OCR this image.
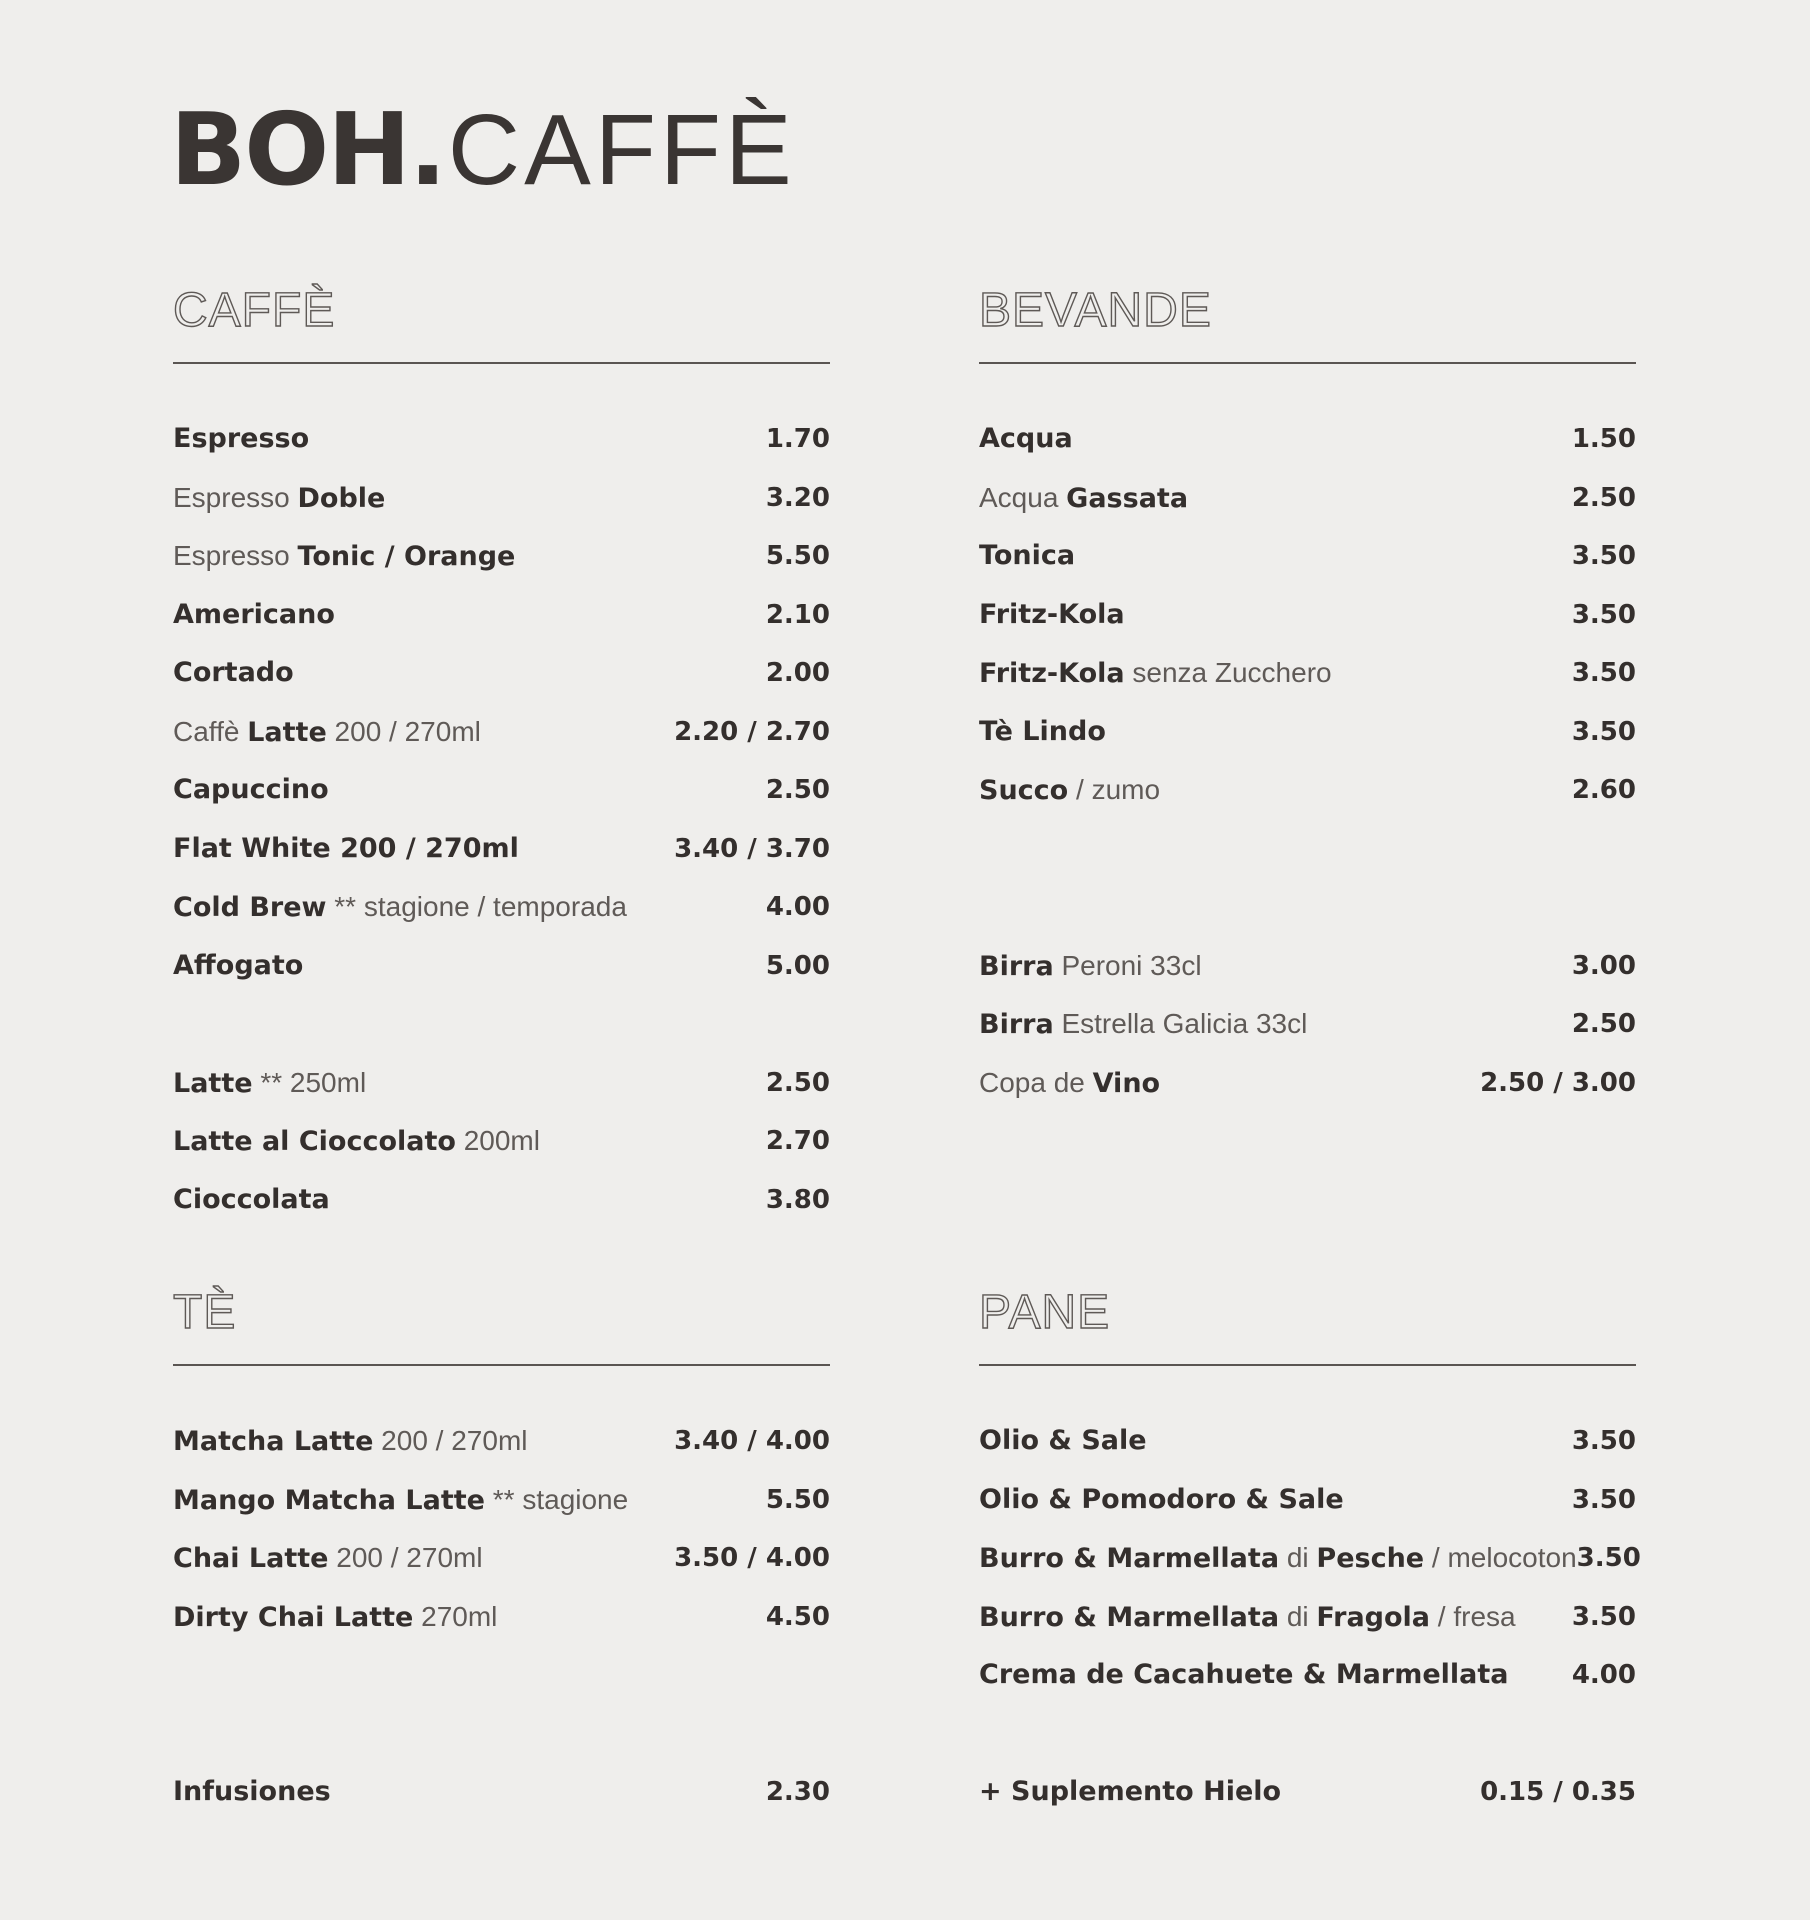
BOH.CAFFÈ
CAFFÈ
Espresso	1.70
Espresso Doble	3.20
Espresso Tonic / Orange	5.50
Americano	2.10
Cortado	2.00
Caffè Latte 200 / 270ml	2.20 / 2.70
Capuccino	2.50
Flat White 200 / 270ml	3.40 / 3.70
Cold Brew ** stagione / temporada	4.00
Affogato	5.00
Latte ** 250ml	2.50
Latte al Cioccolato 200ml	2.70
Cioccolata	3.80
BEVANDE
Acqua	1.50
Acqua Gassata	2.50
Tonica	3.50
Fritz-Kola	3.50
Fritz-Kola senza Zucchero	3.50
Tè Lindo	3.50
Succo / zumo	2.60
Birra Peroni 33cl	3.00
Birra Estrella Galicia 33cl	2.50
Copa de Vino	2.50 / 3.00
TÈ
Matcha Latte 200 / 270ml	3.40 / 4.00
Mango Matcha Latte ** stagione	5.50
Chai Latte 200 / 270ml	3.50 / 4.00
Dirty Chai Latte 270ml	4.50
Infusiones	2.30
PANE
Olio & Sale	3.50
Olio & Pomodoro & Sale	3.50
Burro & Marmellata di Pesche / melocoton 3.50
Burro & Marmellata di Fragola / fresa 3.50
Crema de Cacahuete & Marmellata 4.00
+ Suplemento Hielo	0.15 / 0.35
